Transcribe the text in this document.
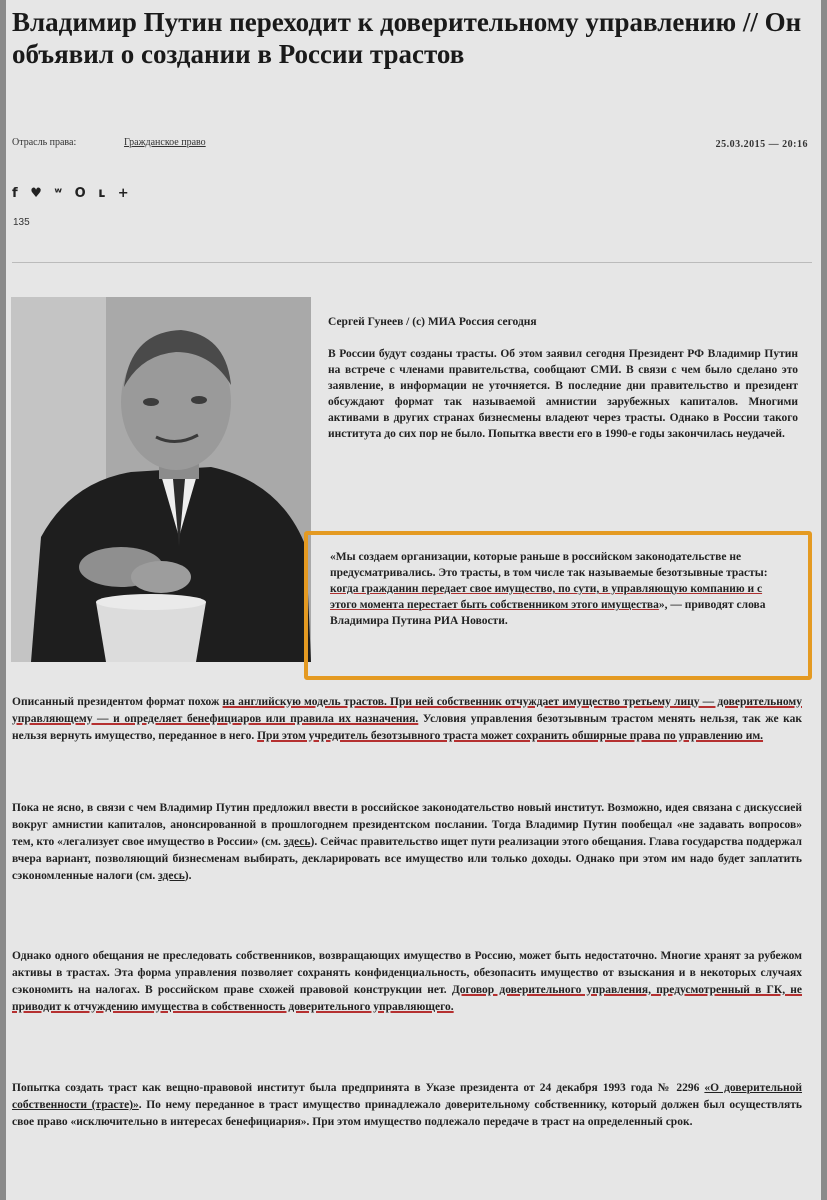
Владимир Путин переходит к доверительному управлению // Он объявил о создании в России трастов
Отрасль права:	Гражданское право	25.03.2015 — 20:16
f ♥ ʷ O ʟ +
135
Сергей Гунеев / (с) МИА Россия сегодня
В России будут созданы трасты. Об этом заявил сегодня Президент РФ Владимир Путин на встрече с членами правительства, сообщают СМИ. В связи с чем было сделано это заявление, в информации не уточняется. В последние дни правительство и президент обсуждают формат так называемой амнистии зарубежных капиталов. Многими активами в других странах бизнесмены владеют через трасты. Однако в России такого института до сих пор не было. Попытка ввести его в 1990-е годы закончилась неудачей.
«Мы создаем организации, которые раньше в российском законодательстве не предусматривались. Это трасты, в том числе так называемые безотзывные трасты: когда гражданин передает свое имущество, по сути, в управляющую компанию и с этого момента перестает быть собственником этого имущества», — приводят слова Владимира Путина РИА Новости.
Описанный президентом формат похож на английскую модель трастов. При ней собственник отчуждает имущество третьему лицу — доверительному управляющему — и определяет бенефициаров или правила их назначения. Условия управления безотзывным трастом менять нельзя, так же как нельзя вернуть имущество, переданное в него. При этом учредитель безотзывного траста может сохранить обширные права по управлению им.
Пока не ясно, в связи с чем Владимир Путин предложил ввести в российское законодательство новый институт. Возможно, идея связана с дискуссией вокруг амнистии капиталов, анонсированной в прошлогоднем президентском послании. Тогда Владимир Путин пообещал «не задавать вопросов» тем, кто «легализует свое имущество в России» (см. здесь). Сейчас правительство ищет пути реализации этого обещания. Глава государства поддержал вчера вариант, позволяющий бизнесменам выбирать, декларировать все имущество или только доходы. Однако при этом им надо будет заплатить сэкономленные налоги (см. здесь).
Однако одного обещания не преследовать собственников, возвращающих имущество в Россию, может быть недостаточно. Многие хранят за рубежом активы в трастах. Эта форма управления позволяет сохранять конфиденциальность, обезопасить имущество от взыскания и в некоторых случаях сэкономить на налогах. В российском праве схожей правовой конструкции нет. Договор доверительного управления, предусмотренный в ГК, не приводит к отчуждению имущества в собственность доверительного управляющего.
Попытка создать траст как вещно-правовой институт была предпринята в Указе президента от 24 декабря 1993 года № 2296 «О доверительной собственности (трасте)». По нему переданное в траст имущество принадлежало доверительному собственнику, который должен был осуществлять свое право «исключительно в интересах бенефициария». При этом имущество подлежало передаче в траст на определенный срок.
